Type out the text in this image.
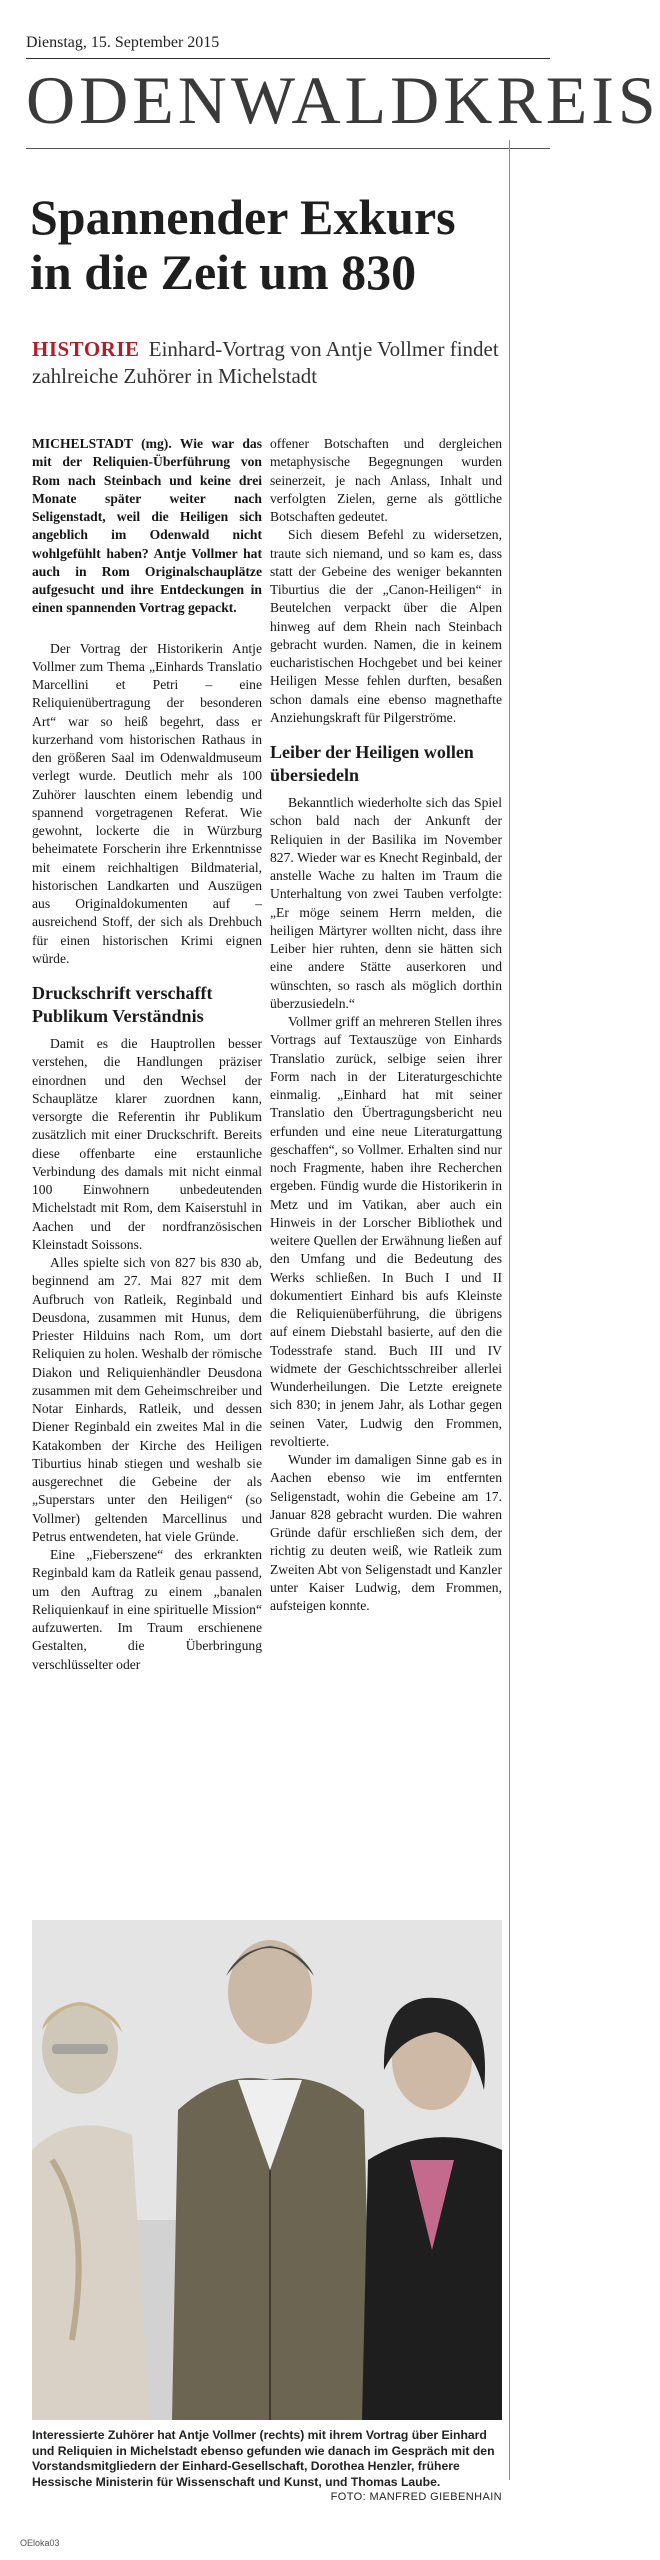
Dienstag, 15. September 2015
ODENWALDKREIS
Spannender Exkurs
in die Zeit um 830
HISTORIE Einhard-Vortrag von Antje Vollmer findet zahlreiche Zuhörer in Michelstadt

MICHELSTADT (mg). Wie war das mit der Reliquien-Überführung von Rom nach Steinbach und keine drei Monate später weiter nach Seligenstadt, weil die Heiligen sich angeblich im Odenwald nicht wohlgefühlt haben? Antje Vollmer hat auch in Rom Originalschauplätze aufgesucht und ihre Entdeckungen in einen spannenden Vortrag gepackt.

Der Vortrag der Historikerin Antje Vollmer zum Thema „Einhards Translatio Marcellini et Petri – eine Reliquienübertragung der besonderen Art“ war so heiß begehrt, dass er kurzerhand vom historischen Rathaus in den größeren Saal im Odenwaldmuseum verlegt wurde. Deutlich mehr als 100 Zuhörer lauschten einem lebendig und spannend vorgetragenen Referat. Wie gewohnt, lockerte die in Würzburg beheimatete Forscherin ihre Erkenntnisse mit einem reichhaltigen Bildmaterial, historischen Landkarten und Auszügen aus Originaldokumenten auf – ausreichend Stoff, der sich als Drehbuch für einen historischen Krimi eignen würde.

Druckschrift verschafft Publikum Verständnis

Damit es die Hauptrollen besser verstehen, die Handlungen präziser einordnen und den Wechsel der Schauplätze klarer zuordnen kann, versorgte die Referentin ihr Publikum zusätzlich mit einer Druckschrift. Bereits diese offenbarte eine erstaunliche Verbindung des damals mit nicht einmal 100 Einwohnern unbedeutenden Michelstadt mit Rom, dem Kaiserstuhl in Aachen und der nordfranzösischen Kleinstadt Soissons.

Alles spielte sich von 827 bis 830 ab, beginnend am 27. Mai 827 mit dem Aufbruch von Ratleik, Reginbald und Deusdona, zusammen mit Hunus, dem Priester Hilduins nach Rom, um dort Reliquien zu holen. Weshalb der römische Diakon und Reliquienhändler Deusdona zusammen mit dem Geheimschreiber und Notar Einhards, Ratleik, und dessen Diener Reginbald ein zweites Mal in die Katakomben der Kirche des Heiligen Tiburtius hinab stiegen und weshalb sie ausgerechnet die Gebeine der als „Superstars unter den Heiligen“ (so Vollmer) geltenden Marcellinus und Petrus entwendeten, hat viele Gründe.

Eine „Fieberszene“ des erkrankten Reginbald kam da Ratleik genau passend, um den Auftrag zu einem „banalen Reliquienkauf in eine spirituelle Mission“ aufzuwerten. Im Traum erschienene Gestalten, die Überbringung verschlüsselter oder

offener Botschaften und dergleichen metaphysische Begegnungen wurden seinerzeit, je nach Anlass, Inhalt und verfolgten Zielen, gerne als göttliche Botschaften gedeutet.

Sich diesem Befehl zu widersetzen, traute sich niemand, und so kam es, dass statt der Gebeine des weniger bekannten Tiburtius die der „Canon-Heiligen“ in Beutelchen verpackt über die Alpen hinweg auf dem Rhein nach Steinbach gebracht wurden. Namen, die in keinem eucharistischen Hochgebet und bei keiner Heiligen Messe fehlen durften, besaßen schon damals eine ebenso magnethafte Anziehungskraft für Pilgerströme.

Leiber der Heiligen wollen übersiedeln

Bekanntlich wiederholte sich das Spiel schon bald nach der Ankunft der Reliquien in der Basilika im November 827. Wieder war es Knecht Reginbald, der anstelle Wache zu halten im Traum die Unterhaltung von zwei Tauben verfolgte: „Er möge seinem Herrn melden, die heiligen Märtyrer wollten nicht, dass ihre Leiber hier ruhten, denn sie hätten sich eine andere Stätte auserkoren und wünschten, so rasch als möglich dorthin überzusiedeln.“

Vollmer griff an mehreren Stellen ihres Vortrags auf Textauszüge von Einhards Translatio zurück, selbige seien ihrer Form nach in der Literaturgeschichte einmalig. „Einhard hat mit seiner Translatio den Übertragungsbericht neu erfunden und eine neue Literaturgattung geschaffen“, so Vollmer. Erhalten sind nur noch Fragmente, haben ihre Recherchen ergeben. Fündig wurde die Historikerin in Metz und im Vatikan, aber auch ein Hinweis in der Lorscher Bibliothek und weitere Quellen der Erwähnung ließen auf den Umfang und die Bedeutung des Werks schließen. In Buch I und II dokumentiert Einhard bis aufs Kleinste die Reliquienüberführung, die übrigens auf einem Diebstahl basierte, auf den die Todesstrafe stand. Buch III und IV widmete der Geschichtsschreiber allerlei Wunderheilungen. Die Letzte ereignete sich 830; in jenem Jahr, als Lothar gegen seinen Vater, Ludwig den Frommen, revoltierte.

Wunder im damaligen Sinne gab es in Aachen ebenso wie im entfernten Seligenstadt, wohin die Gebeine am 17. Januar 828 gebracht wurden. Die wahren Gründe dafür erschließen sich dem, der richtig zu deuten weiß, wie Ratleik zum Zweiten Abt von Seligenstadt und Kanzler unter Kaiser Ludwig, dem Frommen, aufsteigen konnte.

Interessierte Zuhörer hat Antje Vollmer (rechts) mit ihrem Vortrag über Einhard und Reliquien in Michelstadt ebenso gefunden wie danach im Gespräch mit den Vorstandsmitgliedern der Einhard-Gesellschaft, Dorothea Henzler, frühere Hessische Ministerin für Wissenschaft und Kunst, und Thomas Laube.
FOTO: MANFRED GIEBENHAIN
OEloka03
